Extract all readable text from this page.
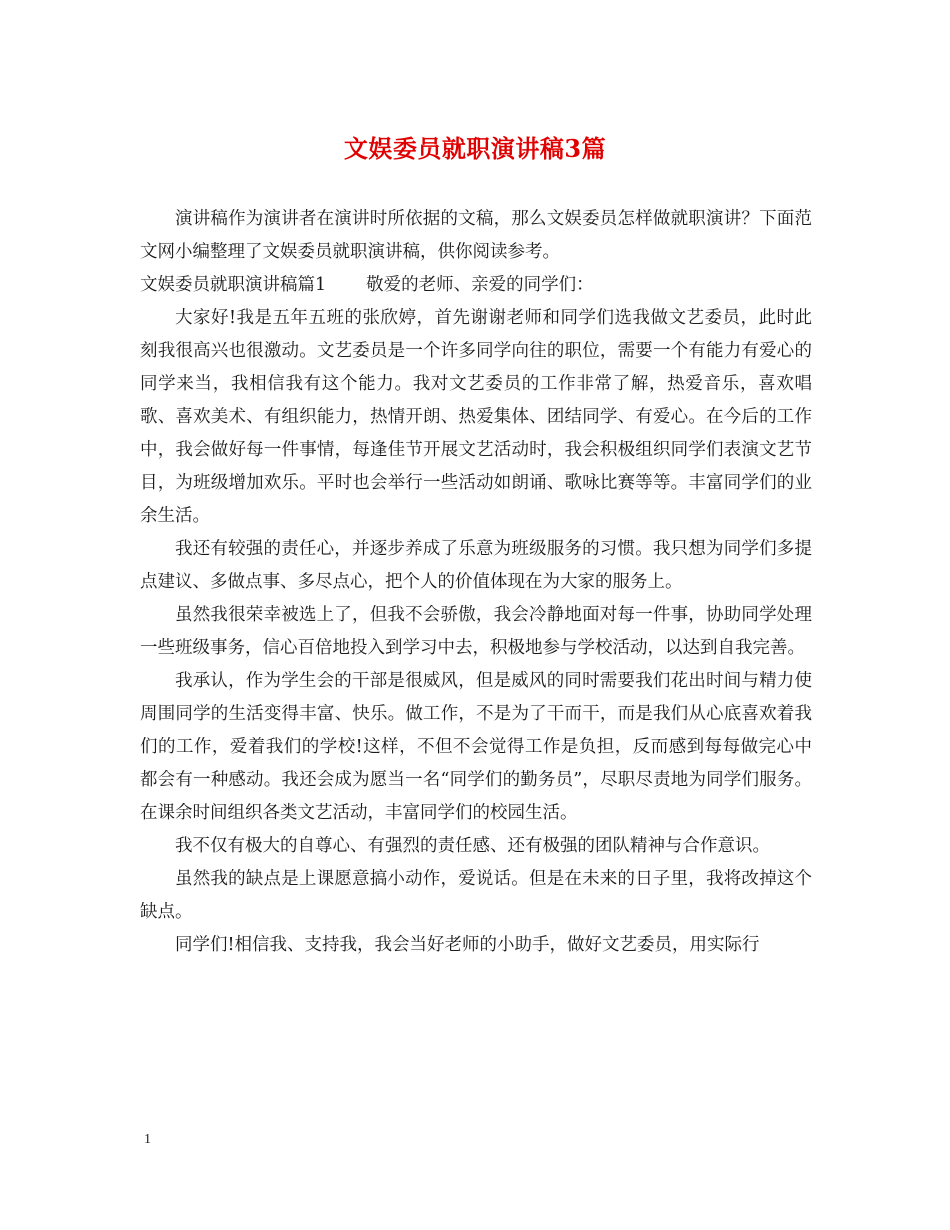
文娱委员就职演讲稿3篇

演讲稿作为演讲者在演讲时所依据的文稿，那么文娱委员怎样做就职演讲？下面范文网小编整理了文娱委员就职演讲稿，供你阅读参考。

文娱委员就职演讲稿篇1 敬爱的老师、亲爱的同学们：

大家好!我是五年五班的张欣婷，首先谢谢老师和同学们选我做文艺委员，此时此刻我很高兴也很激动。文艺委员是一个许多同学向往的职位，需要一个有能力有爱心的同学来当，我相信我有这个能力。我对文艺委员的工作非常了解，热爱音乐，喜欢唱歌、喜欢美术、有组织能力，热情开朗、热爱集体、团结同学、有爱心。在今后的工作中，我会做好每一件事情，每逢佳节开展文艺活动时，我会积极组织同学们表演文艺节目，为班级增加欢乐。平时也会举行一些活动如朗诵、歌咏比赛等等。丰富同学们的业余生活。

我还有较强的责任心，并逐步养成了乐意为班级服务的习惯。我只想为同学们多提点建议、多做点事、多尽点心，把个人的价值体现在为大家的服务上。

虽然我很荣幸被选上了，但我不会骄傲，我会冷静地面对每一件事，协助同学处理一些班级事务，信心百倍地投入到学习中去，积极地参与学校活动，以达到自我完善。

我承认，作为学生会的干部是很威风，但是威风的同时需要我们花出时间与精力使周围同学的生活变得丰富、快乐。做工作，不是为了干而干，而是我们从心底喜欢着我们的工作，爱着我们的学校!这样，不但不会觉得工作是负担，反而感到每每做完心中都会有一种感动。我还会成为愿当一名“同学们的勤务员”，尽职尽责地为同学们服务。在课余时间组织各类文艺活动，丰富同学们的校园生活。

我不仅有极大的自尊心、有强烈的责任感、还有极强的团队精神与合作意识。

虽然我的缺点是上课愿意搞小动作，爱说话。但是在未来的日子里，我将改掉这个缺点。

同学们!相信我、支持我，我会当好老师的小助手，做好文艺委员，用实际行

1
